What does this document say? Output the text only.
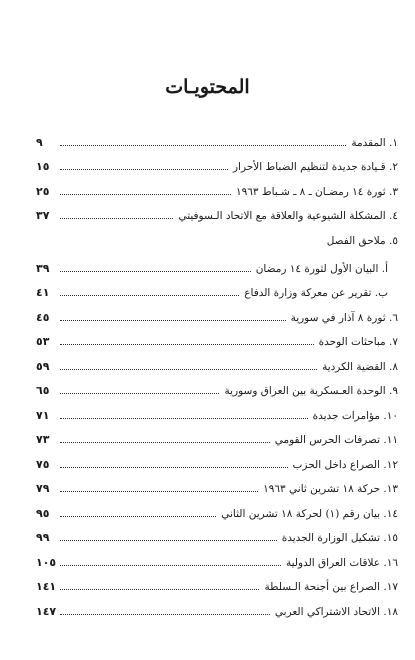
المحتويـات
١. المقدمة
٩
٢. قـيادة جديدة لتنظيم الضباط الأحرار
١٥
٣. ثورة ١٤ رمضـان ـ ٨ ـ شـباط ١٩٦٣
٢٥
٤. المشكلة الشيوعية والعلاقة مع الاتحاد الـسوفيتي
٣٧
٥. ملاحق الفصل
أ. البيان الأول لثورة ١٤ رمضان
٣٩
ب. تقرير عن معركة وزارة الدفاع
٤١
٦. ثورة ٨ آذار في سورية
٤٥
٧. مباحثات الوحدة
٥٣
٨. القضية الكردية
٥٩
٩. الوحدة العـسكرية بين العراق وسورية
٦٥
١٠. مؤامرات جديدة
٧١
١١. تصرفات الحرس القومي
٧٣
١٢. الصراع داخل الحزب
٧٥
١٣. حركة ١٨ تشرين ثاني ١٩٦٣
٧٩
١٤. بيان رقم (١) لحركة ١٨ تشرين الثاني
٩٥
١٥. تشكيل الوزارة الجديدة
٩٩
١٦. علاقات العراق الدولية
١٠٥
١٧. الصراع بين أجنحة الـسلطة
١٤١
١٨. الاتحاد الاشتراكي العربي
١٤٧
